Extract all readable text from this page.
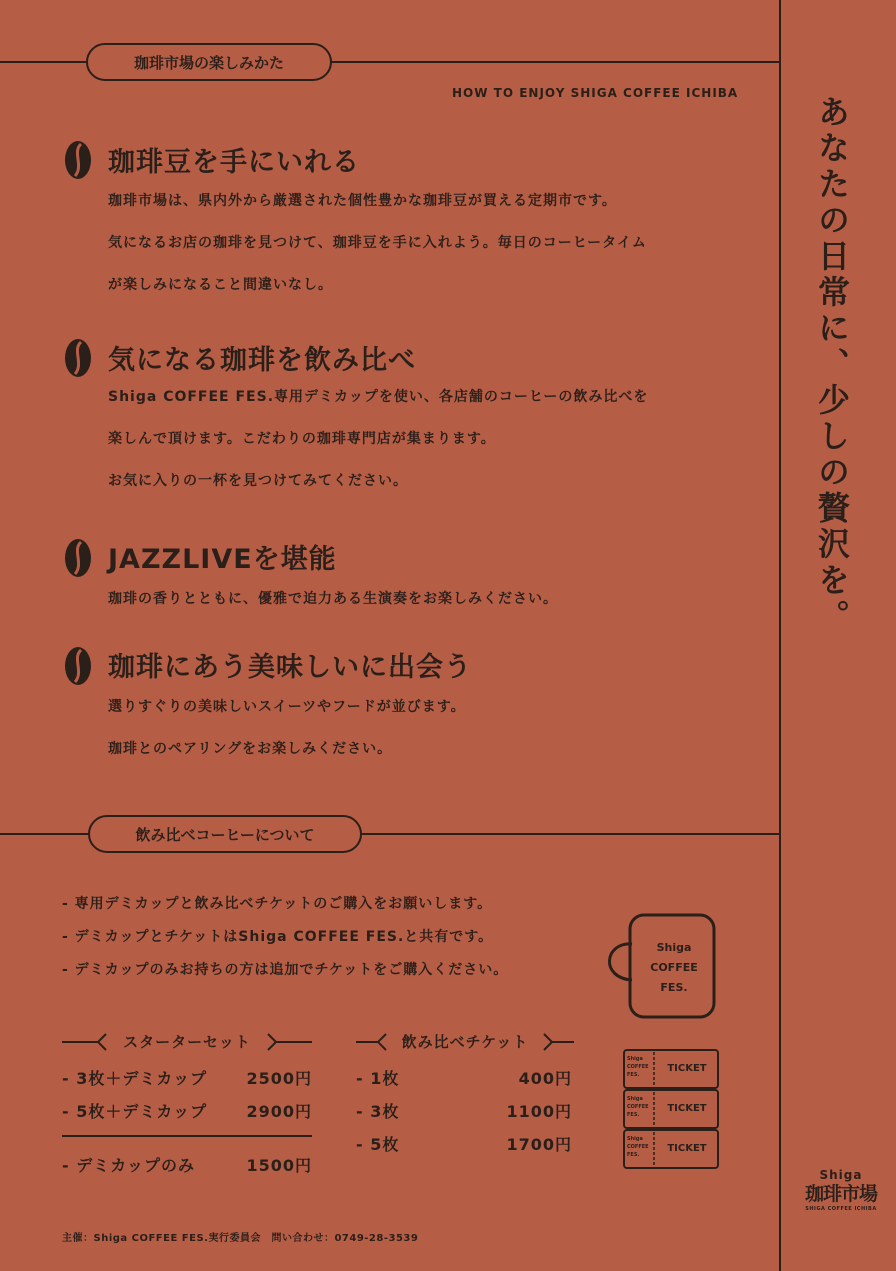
珈琲市場の楽しみかた
HOW TO ENJOY SHIGA COFFEE ICHIBA
あなたの日常に、少しの贅沢を。
珈琲豆を手にいれる
珈琲市場は、県内外から厳選された個性豊かな珈琲豆が買える定期市です。
気になるお店の珈琲を見つけて、珈琲豆を手に入れよう。毎日のコーヒータイム
が楽しみになること間違いなし。
気になる珈琲を飲み比べ
Shiga COFFEE FES.専用デミカップを使い、各店舗のコーヒーの飲み比べを
楽しんで頂けます。こだわりの珈琲専門店が集まります。
お気に入りの一杯を見つけてみてください。
JAZZLIVEを堪能
珈琲の香りとともに、優雅で迫力ある生演奏をお楽しみください。
珈琲にあう美味しいに出会う
選りすぐりの美味しいスイーツやフードが並びます。
珈琲とのペアリングをお楽しみください。
飲み比べコーヒーについて
- 専用デミカップと飲み比べチケットのご購入をお願いします。
- デミカップとチケットはShiga COFFEE FES.と共有です。
- デミカップのみお持ちの方は追加でチケットをご購入ください。
Shiga
COFFEE
FES.
スターターセット
- 3枚＋デミカップ 2500円
- 5枚＋デミカップ 2900円
- デミカップのみ	1500円
飲み比べチケット
- 1枚	400円
- 3枚	1100円
- 5枚	1700円
Shiga
COFFEE
FES.
Shiga
COFFEE
FES.
Shiga
COFFEE
FES.
TICKET
TICKET
TICKET
主催：Shiga COFFEE FES.実行委員会　問い合わせ：0749-28-3539
Shiga
珈琲市場
SHIGA COFFEE ICHIBA
